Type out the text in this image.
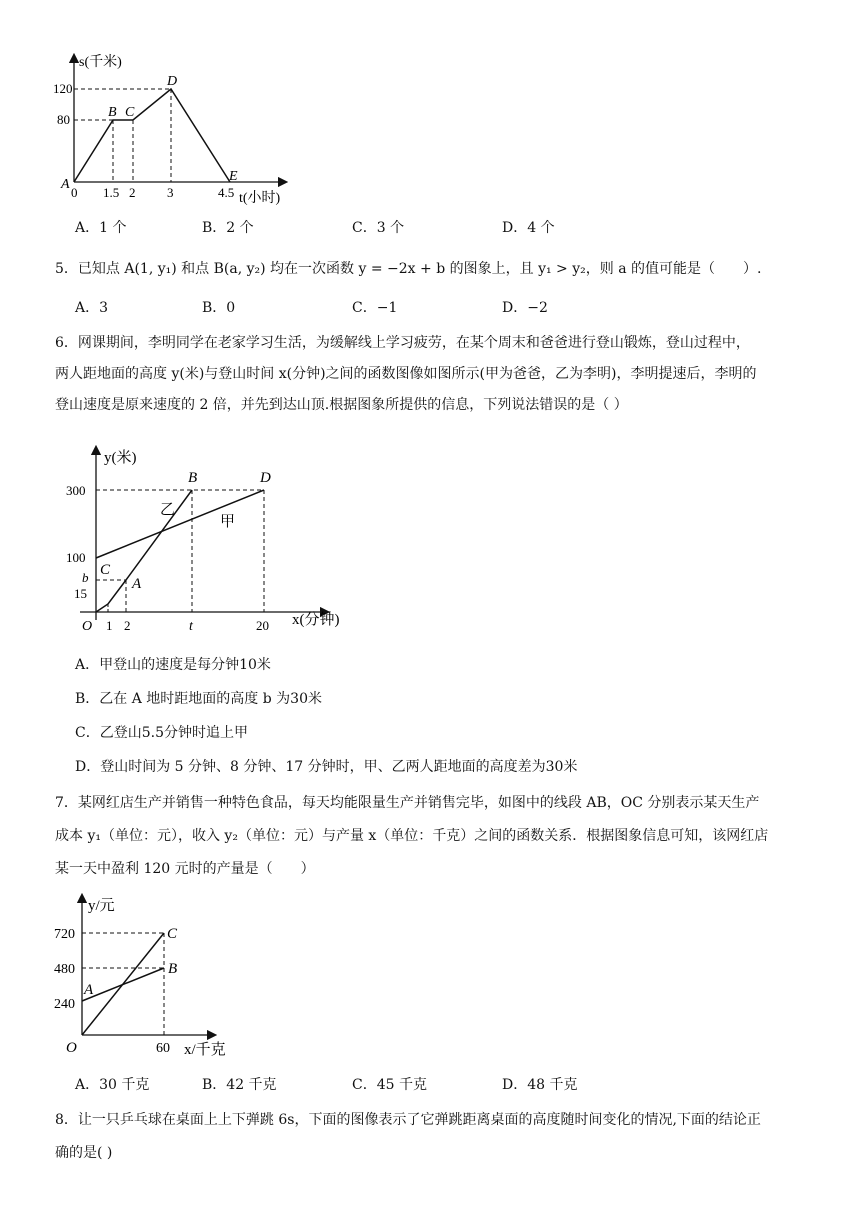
s(千米)
120
80
0 1.5 2 3	4.5 t(小时)
A
B C
D
E
A．1 个	B．2 个	C．3 个	D．4 个
5．已知点 A(1, y₁) 和点 B(a, y₂) 均在一次函数 y = −2x + b 的图象上，且 y₁ > y₂，则 a 的值可能是（　　）.
A．3	B．0	C．−1	D．−2
6．网课期间，李明同学在老家学习生活，为缓解线上学习疲劳，在某个周末和爸爸进行登山锻炼，登山过程中，
两人距地面的高度 y(米)与登山时间 x(分钟)之间的函数图像如图所示(甲为爸爸，乙为李明)，李明提速后，李明的
登山速度是原来速度的 2 倍，并先到达山顶.根据图象所提供的信息，下列说法错误的是（ ）
y(米)
300
100
b
15
O 1 2	t	20 x(分钟)
B	D
C
A
甲
乙
A．甲登山的速度是每分钟10米
B．乙在 A 地时距地面的高度 b 为30米
C．乙登山5.5分钟时追上甲
D．登山时间为 5 分钟、8 分钟、17 分钟时，甲、乙两人距地面的高度差为30米
7．某网红店生产并销售一种特色食品，每天均能限量生产并销售完毕，如图中的线段 AB，OC 分别表示某天生产
成本 y₁（单位：元），收入 y₂（单位：元）与产量 x（单位：千克）之间的函数关系．根据图象信息可知，该网红店
某一天中盈利 120 元时的产量是（　　）
y/元
720
480
240
O	60 x/千克
C
B
A
A．30 千克	B．42 千克	C．45 千克	D．48 千克
8．让一只乒乓球在桌面上上下弹跳 6s，下面的图像表示了它弹跳距离桌面的高度随时间变化的情况,下面的结论正
确的是( )
